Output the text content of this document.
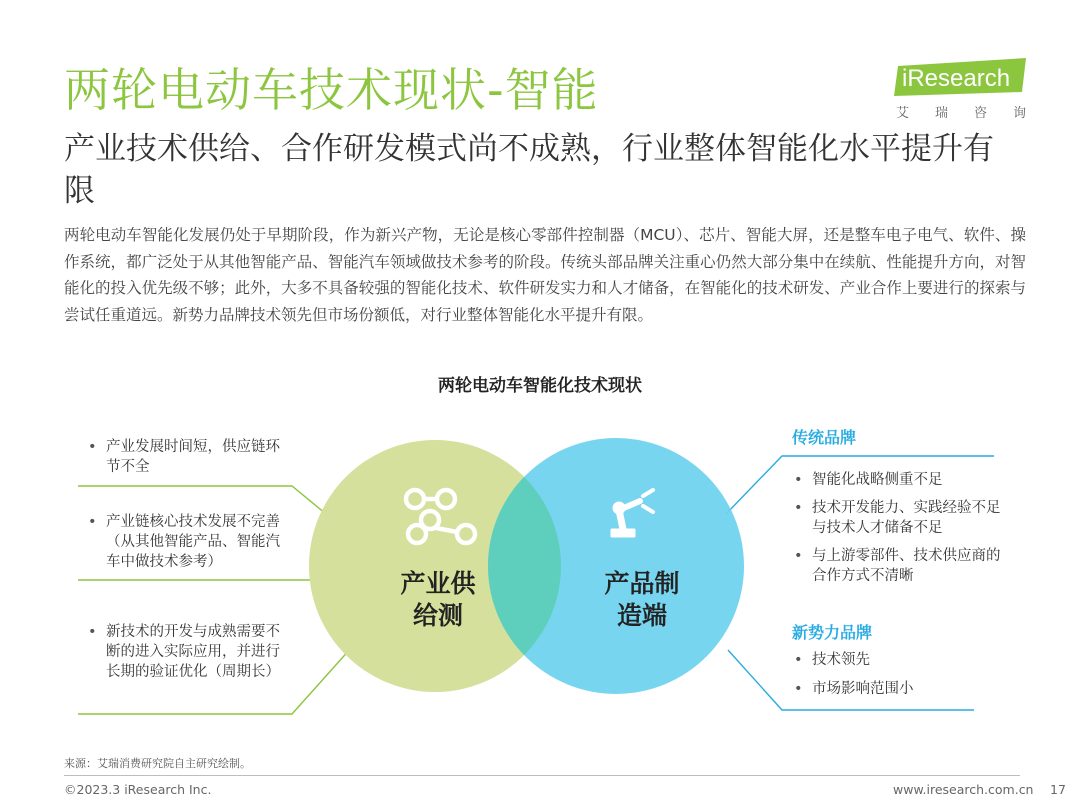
两轮电动车技术现状-智能
产业技术供给、合作研发模式尚不成熟，行业整体智能化水平提升有限
两轮电动车智能化发展仍处于早期阶段，作为新兴产物，无论是核心零部件控制器（MCU）、芯片、智能大屏，还是整车电子电气、软件、操作系统，都广泛处于从其他智能产品、智能汽车领域做技术参考的阶段。传统头部品牌关注重心仍然大部分集中在续航、性能提升方向，对智能化的投入优先级不够；此外，大多不具备较强的智能化技术、软件研发实力和人才储备，在智能化的技术研发、产业合作上要进行的探索与尝试任重道远。新势力品牌技术领先但市场份额低，对行业整体智能化水平提升有限。
iResearch
艾 瑞 咨 询
两轮电动车智能化技术现状
产业供
给测
产品制
造端
• 产业发展时间短，供应链环节不全
• 产业链核心技术发展不完善（从其他智能产品、智能汽车中做技术参考）
• 新技术的开发与成熟需要不断的进入实际应用，并进行长期的验证优化（周期长）
传统品牌
• 智能化战略侧重不足
• 技术开发能力、实践经验不足与技术人才储备不足
• 与上游零部件、技术供应商的合作方式不清晰
新势力品牌
• 技术领先
• 市场影响范围小
来源：艾瑞消费研究院自主研究绘制。
©2023.3 iResearch Inc.	www.iresearch.com.cn 17
